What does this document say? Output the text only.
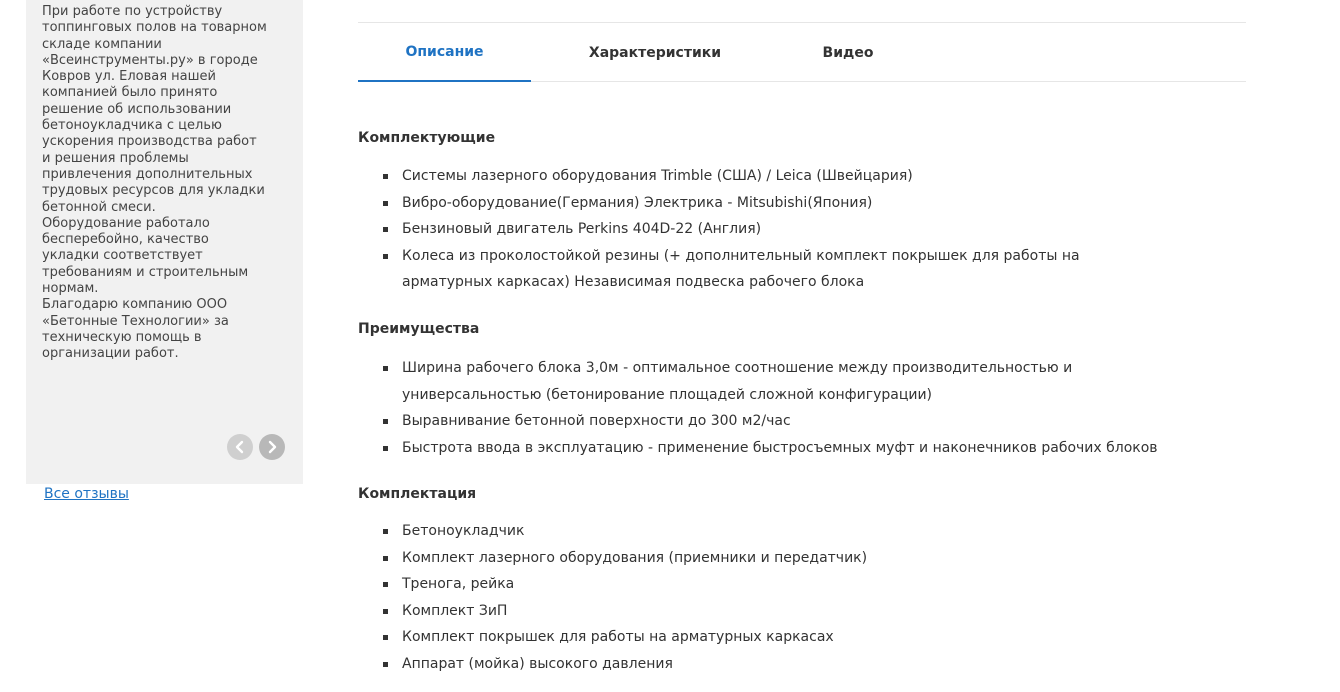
При работе по устройству

топпинговых полов на товарном

складе компании

«Всеинструменты.ру» в городе

Ковров ул. Еловая нашей

компанией было принято

решение об использовании

бетоноукладчика с целью

ускорения производства работ

и решения проблемы

привлечения дополнительных

трудовых ресурсов для укладки

бетонной смеси.

Оборудование работало

бесперебойно, качество

укладки соответствует

требованиям и строительным

нормам.

Благодарю компанию ООО

«Бетонные Технологии» за

техническую помощь в

организации работ.

Все отзывы
Описание	Характеристики	Видео
Комплектующие
Системы лазерного оборудования Trimble (США) / Leica (Швейцария)
Вибро-оборудование(Германия) Электрика - Mitsubishi(Япония)
Бензиновый двигатель Perkins 404D-22 (Англия)
Колеса из проколостойкой резины (+ дополнительный комплект покрышек для работы на
арматурных каркасах) Независимая подвеска рабочего блока
Преимущества
Ширина рабочего блока 3,0м - оптимальное соотношение между производительностью и
универсальностью (бетонирование площадей сложной конфигурации)
Выравнивание бетонной поверхности до 300 м2/час
Быстрота ввода в эксплуатацию - применение быстросъемных муфт и наконечников рабочих блоков
Комплектация
Бетоноукладчик
Комплект лазерного оборудования (приемники и передатчик)
Тренога, рейка
Комплект ЗиП
Комплект покрышек для работы на арматурных каркасах
Аппарат (мойка) высокого давления
